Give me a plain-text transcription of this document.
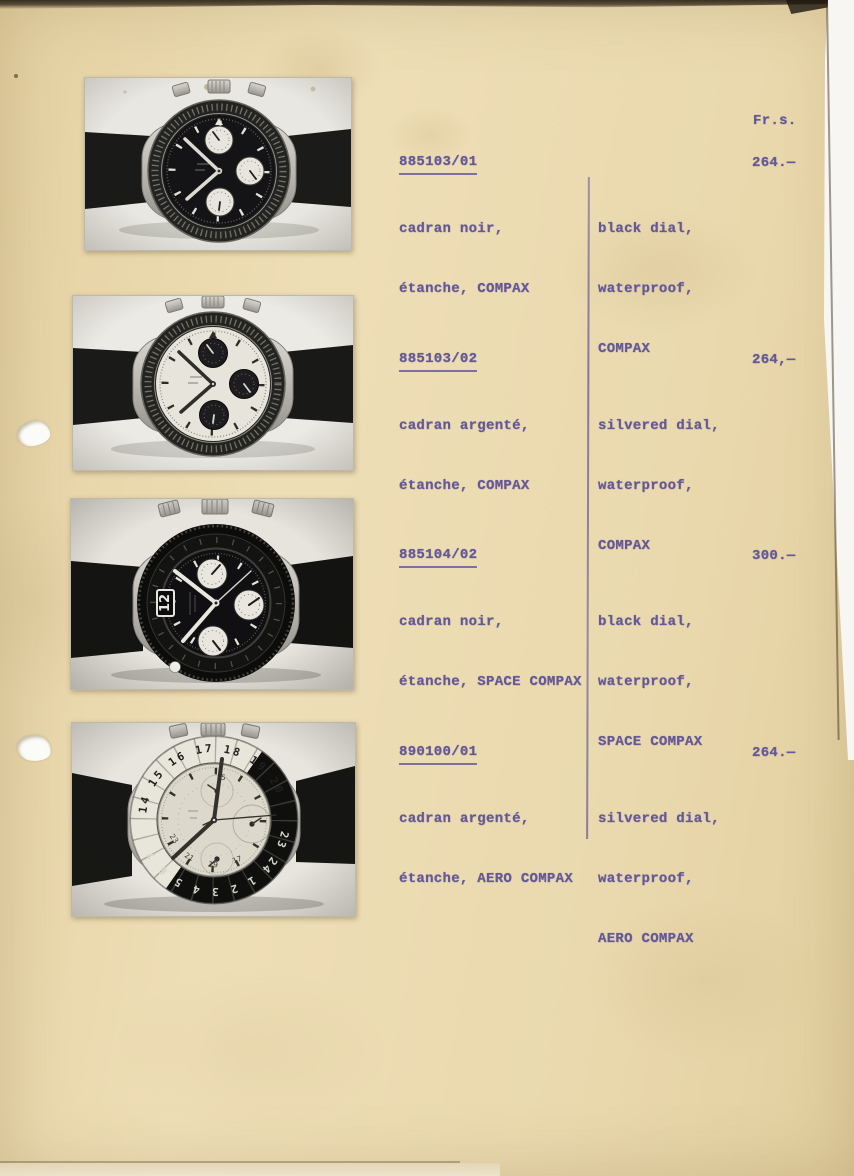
Fr.s.
885103/01	264.—

cadran noir,

étanche, COMPAX

black dial,

waterproof,

COMPAX

885103/02	264,—

cadran argenté,

étanche, COMPAX

silvered dial,

waterproof,

COMPAX

885104/02	300.—

cadran noir,

étanche, SPACE COMPAX

black dial,

waterproof,

SPACE COMPAX

890100/01	264.—

cadran argenté,

étanche, AERO COMPAX

silvered dial,

waterproof,

AERO COMPAX
